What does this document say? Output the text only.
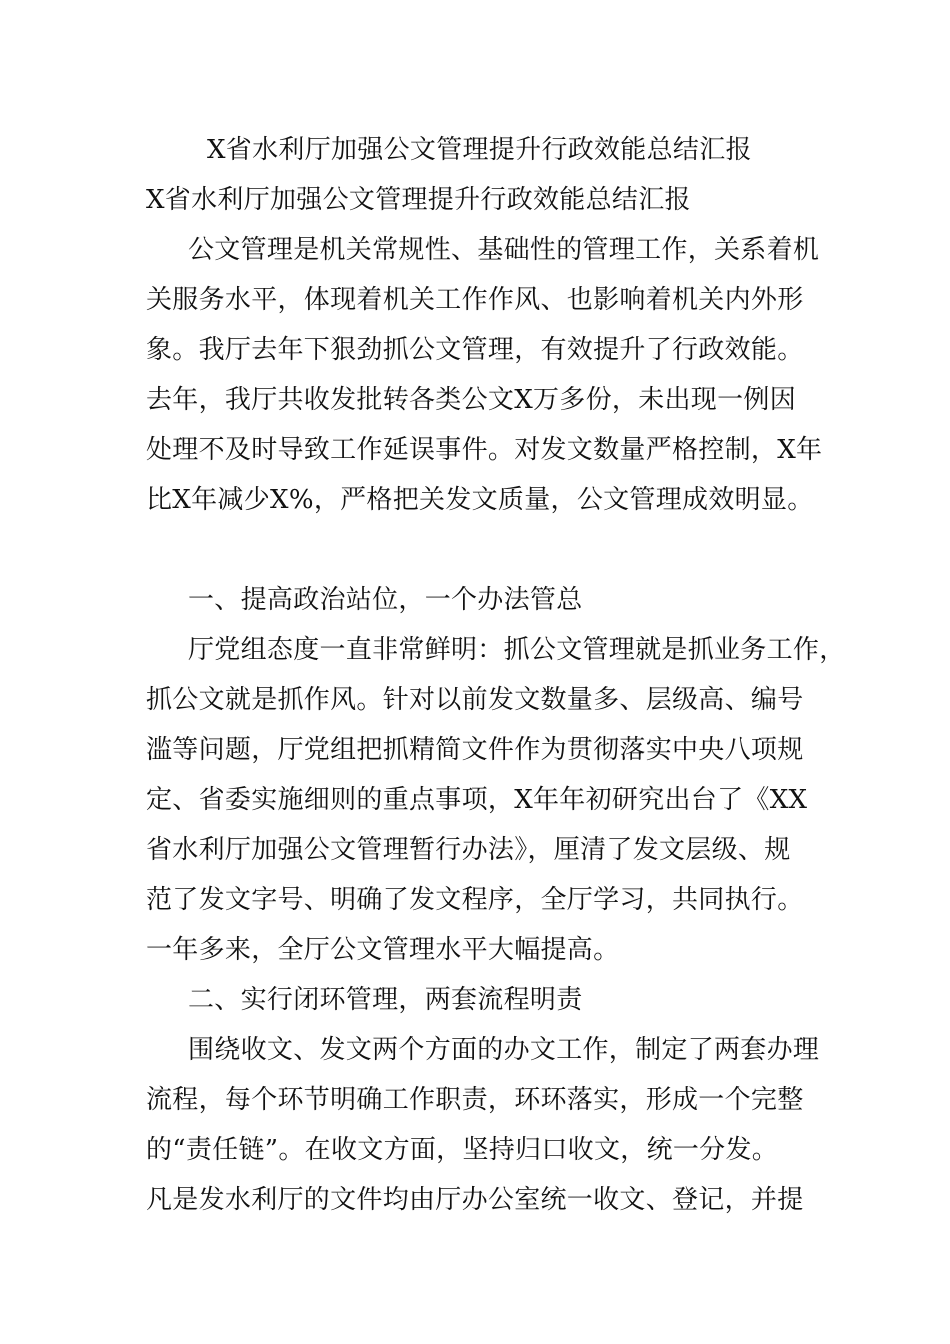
X省水利厅加强公文管理提升行政效能总结汇报
X省水利厅加强公文管理提升行政效能总结汇报
公文管理是机关常规性、基础性的管理工作，关系着机
关服务水平，体现着机关工作作风、也影响着机关内外形
象。我厅去年下狠劲抓公文管理，有效提升了行政效能。
去年，我厅共收发批转各类公文X万多份，未出现一例因
处理不及时导致工作延误事件。对发文数量严格控制，X年
比X年减少X%，严格把关发文质量，公文管理成效明显。
一、提高政治站位，一个办法管总
厅党组态度一直非常鲜明：抓公文管理就是抓业务工作，
抓公文就是抓作风。针对以前发文数量多、层级高、编号
滥等问题，厅党组把抓精简文件作为贯彻落实中央八项规
定、省委实施细则的重点事项，X年年初研究出台了《XX
省水利厅加强公文管理暂行办法》，厘清了发文层级、规
范了发文字号、明确了发文程序，全厅学习，共同执行。
一年多来，全厅公文管理水平大幅提高。
二、实行闭环管理，两套流程明责
围绕收文、发文两个方面的办文工作，制定了两套办理
流程，每个环节明确工作职责，环环落实，形成一个完整
的“责任链”。在收文方面，坚持归口收文，统一分发。
凡是发水利厅的文件均由厅办公室统一收文、登记，并提
